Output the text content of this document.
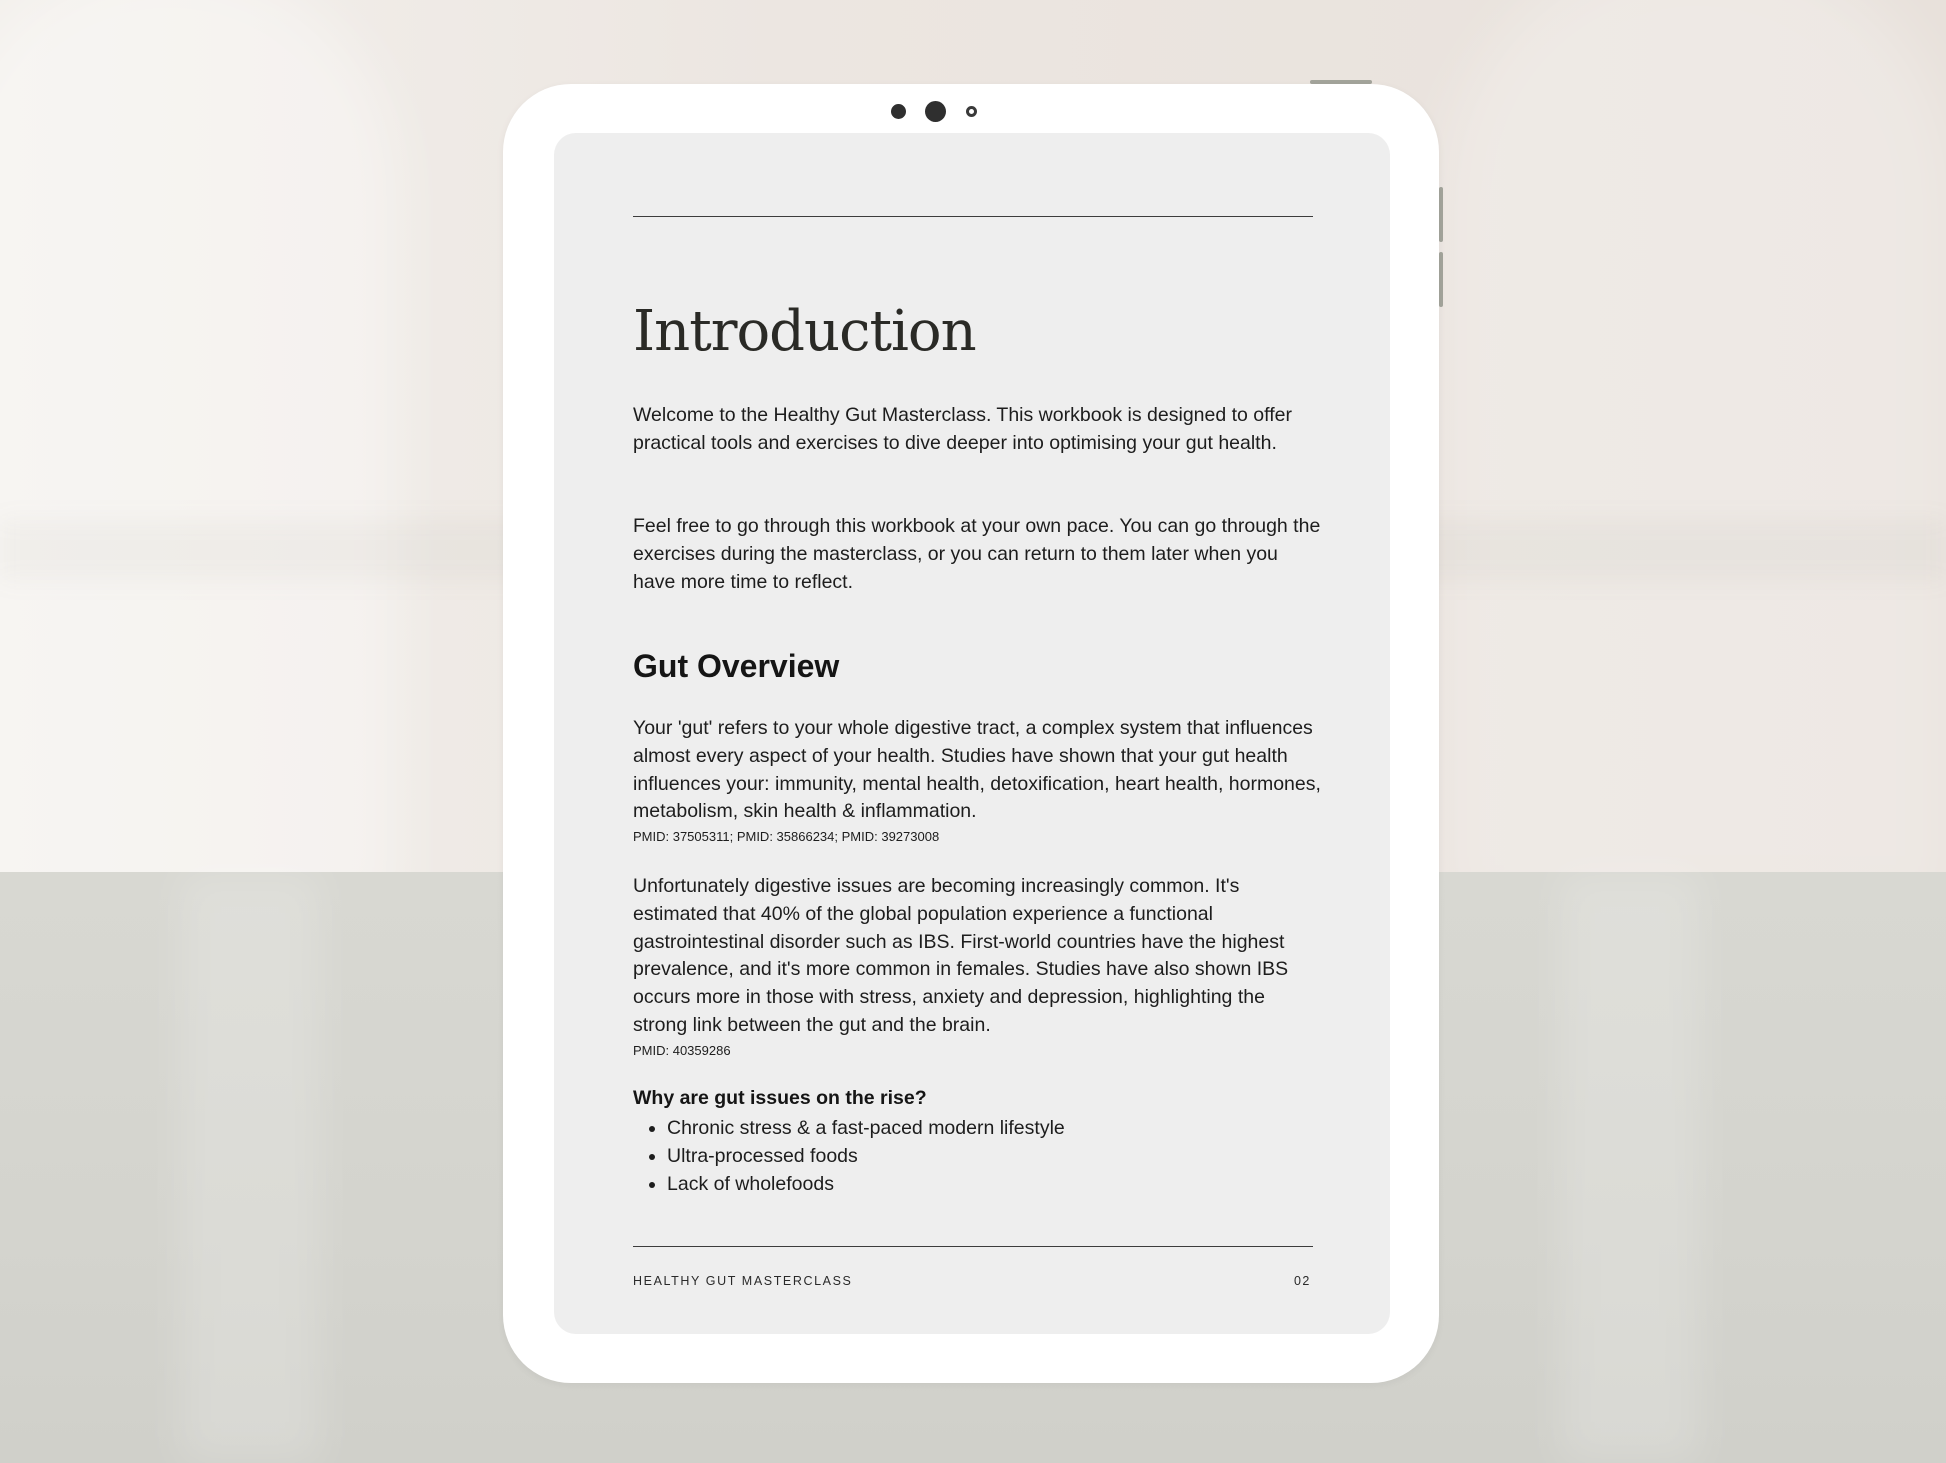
Introduction

Welcome to the Healthy Gut Masterclass. This workbook is designed to offer practical tools and exercises to dive deeper into optimising your gut health.

Feel free to go through this workbook at your own pace. You can go through the exercises during the masterclass, or you can return to them later when you have more time to reflect.

Gut Overview

Your 'gut' refers to your whole digestive tract, a complex system that influences almost every aspect of your health. Studies have shown that your gut health influences your: immunity, mental health, detoxification, heart health, hormones, metabolism, skin health & inflammation.

PMID: 37505311; PMID: 35866234; PMID: 39273008

Unfortunately digestive issues are becoming increasingly common. It's estimated that 40% of the global population experience a functional gastrointestinal disorder such as IBS. First-world countries have the highest prevalence, and it's more common in females. Studies have also shown IBS occurs more in those with stress, anxiety and depression, highlighting the strong link between the gut and the brain.

PMID: 40359286

Why are gut issues on the rise?

• Chronic stress & a fast-paced modern lifestyle
• Ultra-processed foods
• Lack of wholefoods
HEALTHY GUT MASTERCLASS	02
